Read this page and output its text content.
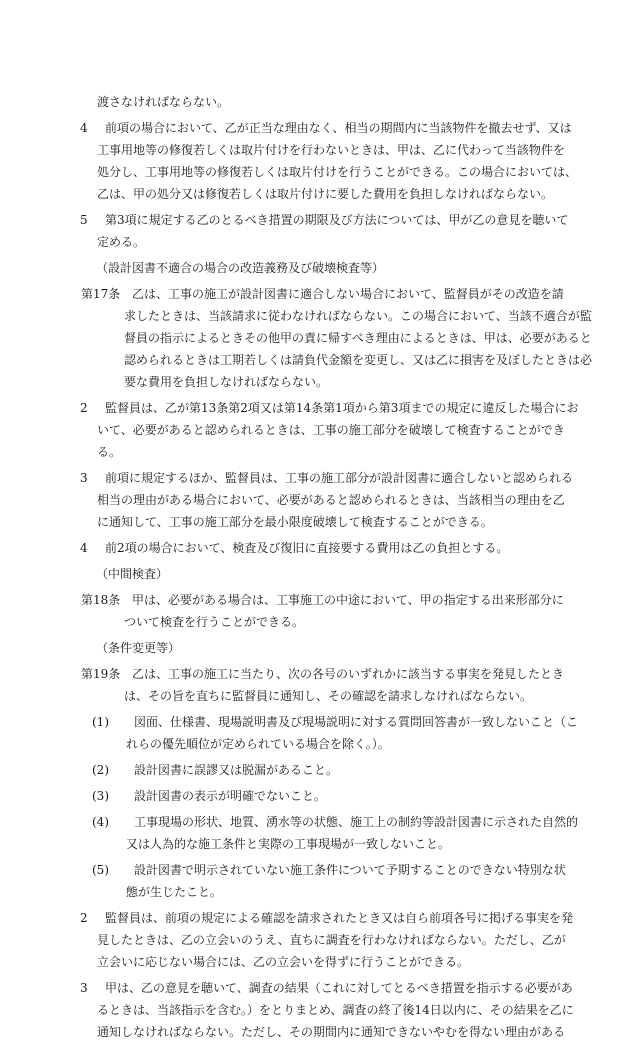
渡さなければならない。
4	前項の場合において、乙が正当な理由なく、相当の期間内に当該物件を撤去せず、又は
工事用地等の修復若しくは取片付けを行わないときは、甲は、乙に代わって当該物件を
処分し、工事用地等の修復若しくは取片付けを行うことができる。この場合においては、
乙は、甲の処分又は修復若しくは取片付けに要した費用を負担しなければならない。
5	第3項に規定する乙のとるべき措置の期限及び方法については、甲が乙の意見を聴いて
定める。
（設計図書不適合の場合の改造義務及び破壊検査等）
第17条 乙は、工事の施工が設計図書に適合しない場合において、監督員がその改造を請
求したときは、当該請求に従わなければならない。この場合において、当該不適合が監
督員の指示によるときその他甲の責に帰すべき理由によるときは、甲は、必要があると
認められるときは工期若しくは請負代金額を変更し、又は乙に損害を及ぼしたときは必
要な費用を負担しなければならない。
2	監督員は、乙が第13条第2項又は第14条第1項から第3項までの規定に違反した場合にお
いて、必要があると認められるときは、工事の施工部分を破壊して検査することができ
る。
3	前項に規定するほか、監督員は、工事の施工部分が設計図書に適合しないと認められる
相当の理由がある場合において、必要があると認められるときは、当該相当の理由を乙
に通知して、工事の施工部分を最小限度破壊して検査することができる。
4	前2項の場合において、検査及び復旧に直接要する費用は乙の負担とする。
（中間検査）
第18条 甲は、必要がある場合は、工事施工の中途において、甲の指定する出来形部分に
ついて検査を行うことができる。
（条件変更等）
第19条 乙は、工事の施工に当たり、次の各号のいずれかに該当する事実を発見したとき
は、その旨を直ちに監督員に通知し、その確認を請求しなければならない。
(1)	図面、仕様書、現場説明書及び現場説明に対する質問回答書が一致しないこと（こ
れらの優先順位が定められている場合を除く。）。
(2)	設計図書に誤謬又は脱漏があること。
(3)	設計図書の表示が明確でないこと。
(4)	工事現場の形状、地質、湧水等の状態、施工上の制約等設計図書に示された自然的
又は人為的な施工条件と実際の工事現場が一致しないこと。
(5)	設計図書で明示されていない施工条件について予期することのできない特別な状
態が生じたこと。
2	監督員は、前項の規定による確認を請求されたとき又は自ら前項各号に掲げる事実を発
見したときは、乙の立会いのうえ、直ちに調査を行わなければならない。ただし、乙が
立会いに応じない場合には、乙の立会いを得ずに行うことができる。
3	甲は、乙の意見を聴いて、調査の結果（これに対してとるべき措置を指示する必要があ
るときは、当該指示を含む。）をとりまとめ、調査の終了後14日以内に、その結果を乙に
通知しなければならない。ただし、その期間内に通知できないやむを得ない理由がある
